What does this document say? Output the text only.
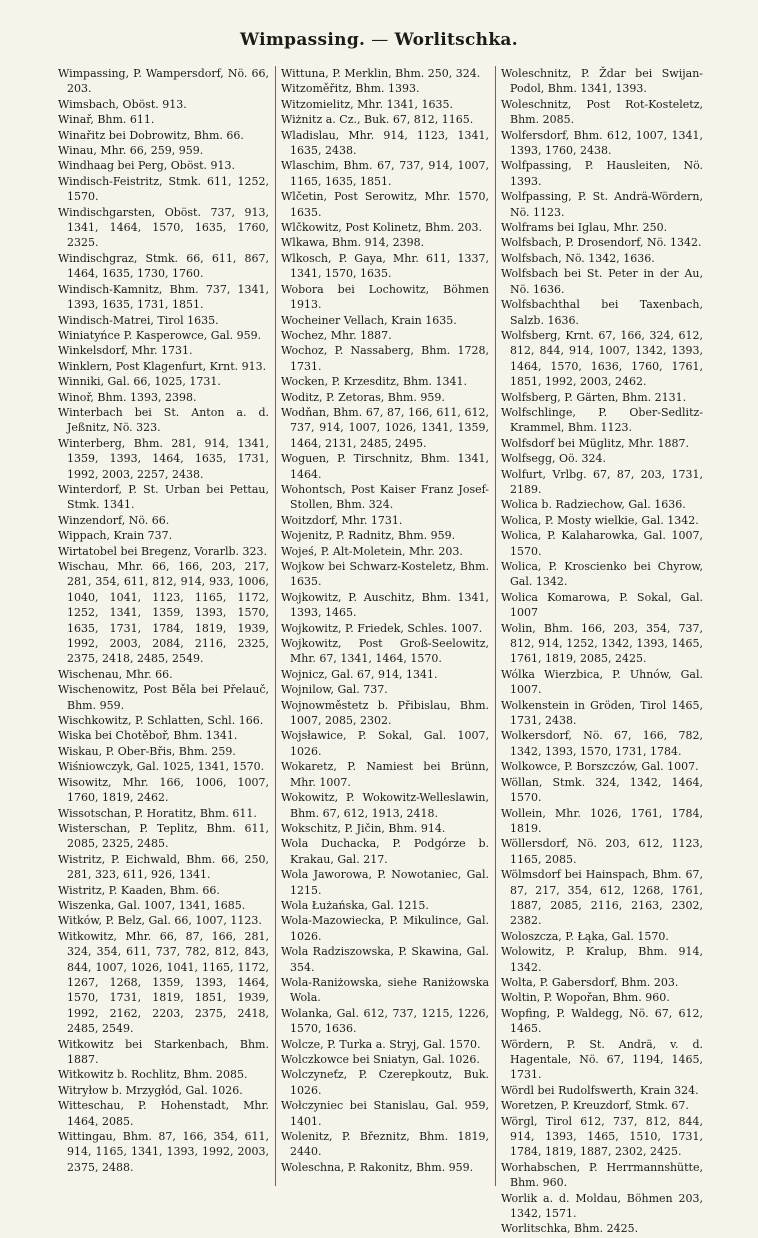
Wimpassing. — Worlitschka.

Wimpassing, P. Wampersdorf, Nö. 66, 203.

Wimsbach, Oböst. 913.

Winař, Bhm. 611.

Winařitz bei Dobrowitz, Bhm. 66.

Winau, Mhr. 66, 259, 959.

Windhaag bei Perg, Oböst. 913.

Windisch-Feistritz, Stmk. 611, 1252, 1570.

Windischgarsten, Oböst. 737, 913, 1341, 1464, 1570, 1635, 1760, 2325.

Windischgraz, Stmk. 66, 611, 867, 1464, 1635, 1730, 1760.

Windisch-Kamnitz, Bhm. 737, 1341, 1393, 1635, 1731, 1851.

Windisch-Matrei, Tirol 1635.

Winiatyńce P. Kasperowce, Gal. 959.

Winkelsdorf, Mhr. 1731.

Winklern, Post Klagenfurt, Krnt. 913.

Winniki, Gal. 66, 1025, 1731.

Winoř, Bhm. 1393, 2398.

Winterbach bei St. Anton a. d. Jeßnitz, Nö. 323.

Winterberg, Bhm. 281, 914, 1341, 1359, 1393, 1464, 1635, 1731, 1992, 2003, 2257, 2438.

Winterdorf, P. St. Urban bei Pettau, Stmk. 1341.

Winzendorf, Nö. 66.

Wippach, Krain 737.

Wirtatobel bei Bregenz, Vorarlb. 323.

Wischau, Mhr. 66, 166, 203, 217, 281, 354, 611, 812, 914, 933, 1006, 1040, 1041, 1123, 1165, 1172, 1252, 1341, 1359, 1393, 1570, 1635, 1731, 1784, 1819, 1939, 1992, 2003, 2084, 2116, 2325, 2375, 2418, 2485, 2549.

Wischenau, Mhr. 66.

Wischenowitz, Post Běla bei Přelauč, Bhm. 959.

Wischkowitz, P. Schlatten, Schl. 166.

Wiska bei Chotěboř, Bhm. 1341.

Wiskau, P. Ober-Břis, Bhm. 259.

Wiśniowczyk, Gal. 1025, 1341, 1570.

Wisowitz, Mhr. 166, 1006, 1007, 1760, 1819, 2462.

Wissotschan, P. Horatitz, Bhm. 611.

Wisterschan, P. Teplitz, Bhm. 611, 2085, 2325, 2485.

Wistritz, P. Eichwald, Bhm. 66, 250, 281, 323, 611, 926, 1341.

Wistritz, P. Kaaden, Bhm. 66.

Wiszenka, Gal. 1007, 1341, 1685.

Witków, P. Belz, Gal. 66, 1007, 1123.

Witkowitz, Mhr. 66, 87, 166, 281, 324, 354, 611, 737, 782, 812, 843, 844, 1007, 1026, 1041, 1165, 1172, 1267, 1268, 1359, 1393, 1464, 1570, 1731, 1819, 1851, 1939, 1992, 2162, 2203, 2375, 2418, 2485, 2549.

Witkowitz bei Starkenbach, Bhm. 1887.

Witkowitz b. Rochlitz, Bhm. 2085.

Witryłow b. Mrzygłód, Gal. 1026.

Witteschau, P. Hohenstadt, Mhr. 1464, 2085.

Wittingau, Bhm. 87, 166, 354, 611, 914, 1165, 1341, 1393, 1992, 2003, 2375, 2488.

Wittuna, P. Merklin, Bhm. 250, 324.

Witzoměřitz, Bhm. 1393.

Witzomielitz, Mhr. 1341, 1635.

Wiżnitz a. Cz., Buk. 67, 812, 1165.

Wladislau, Mhr. 914, 1123, 1341, 1635, 2438.

Wlaschim, Bhm. 67, 737, 914, 1007, 1165, 1635, 1851.

Wlčetin, Post Serowitz, Mhr. 1570, 1635.

Wlčkowitz, Post Kolinetz, Bhm. 203.

Wlkawa, Bhm. 914, 2398.

Wlkosch, P. Gaya, Mhr. 611, 1337, 1341, 1570, 1635.

Wobora bei Lochowitz, Böhmen 1913.

Wocheiner Vellach, Krain 1635.

Wochez, Mhr. 1887.

Wochoz, P. Nassaberg, Bhm. 1728, 1731.

Wocken, P. Krzesditz, Bhm. 1341.

Woditz, P. Zetoras, Bhm. 959.

Wodňan, Bhm. 67, 87, 166, 611, 612, 737, 914, 1007, 1026, 1341, 1359, 1464, 2131, 2485, 2495.

Woguen, P. Tirschnitz, Bhm. 1341, 1464.

Wohontsch, Post Kaiser Franz Josef-Stollen, Bhm. 324.

Woitzdorf, Mhr. 1731.

Wojenitz, P. Radnitz, Bhm. 959.

Wojeś, P. Alt-Moletein, Mhr. 203.

Wojkow bei Schwarz-Kosteletz, Bhm. 1635.

Wojkowitz, P. Auschitz, Bhm. 1341, 1393, 1465.

Wojkowitz, P. Friedek, Schles. 1007.

Wojkowitz, Post Groß-Seelowitz, Mhr. 67, 1341, 1464, 1570.

Wojnicz, Gal. 67, 914, 1341.

Wojnilow, Gal. 737.

Wojnowměstetz b. Přibislau, Bhm. 1007, 2085, 2302.

Wojsławice, P. Sokal, Gal. 1007, 1026.

Wokaretz, P. Namiest bei Brünn, Mhr. 1007.

Wokowitz, P. Wokowitz-Welleslawin, Bhm. 67, 612, 1913, 2418.

Wokschitz, P. Jičin, Bhm. 914.

Wola Duchacka, P. Podgórze b. Krakau, Gal. 217.

Wola Jaworowa, P. Nowotaniec, Gal. 1215.

Wola Łużańska, Gal. 1215.

Wola-Mazowiecka, P. Mikulince, Gal. 1026.

Wola Radziszowska, P. Skawina, Gal. 354.

Wola-Raniżowska, siehe Raniżowska Wola.

Wolanka, Gal. 612, 737, 1215, 1226, 1570, 1636.

Wolcze, P. Turka a. Stryj, Gal. 1570.

Wolczkowce bei Sniatyn, Gal. 1026.

Wolczyneťz, P. Czerepkoutz, Buk. 1026.

Wołczyniec bei Stanislau, Gal. 959, 1401.

Wolenitz, P. Březnitz, Bhm. 1819, 2440.

Woleschna, P. Rakonitz, Bhm. 959.

Woleschnitz, P. Ždar bei Swijan-Podol, Bhm. 1341, 1393.

Woleschnitz, Post Rot-Kosteletz, Bhm. 2085.

Wolfersdorf, Bhm. 612, 1007, 1341, 1393, 1760, 2438.

Wolfpassing, P. Hausleiten, Nö. 1393.

Wolfpassing, P. St. Andrä-Wördern, Nö. 1123.

Wolframs bei Iglau, Mhr. 250.

Wolfsbach, P. Drosendorf, Nö. 1342.

Wolfsbach, Nö. 1342, 1636.

Wolfsbach bei St. Peter in der Au, Nö. 1636.

Wolfsbachthal bei Taxenbach, Salzb. 1636.

Wolfsberg, Krnt. 67, 166, 324, 612, 812, 844, 914, 1007, 1342, 1393, 1464, 1570, 1636, 1760, 1761, 1851, 1992, 2003, 2462.

Wolfsberg, P. Gärten, Bhm. 2131.

Wolfschlinge, P. Ober-Sedlitz-Krammel, Bhm. 1123.

Wolfsdorf bei Müglitz, Mhr. 1887.

Wolfsegg, Oö. 324.

Wolfurt, Vrlbg. 67, 87, 203, 1731, 2189.

Wolica b. Radziechow, Gal. 1636.

Wolica, P. Mosty wielkie, Gal. 1342.

Wolica, P. Kalaharowka, Gal. 1007, 1570.

Wolica, P. Kroscienko bei Chyrow, Gal. 1342.

Wolica Komarowa, P. Sokal, Gal. 1007

Wolin, Bhm. 166, 203, 354, 737, 812, 914, 1252, 1342, 1393, 1465, 1761, 1819, 2085, 2425.

Wólka Wierzbica, P. Uhnów, Gal. 1007.

Wolkenstein in Gröden, Tirol 1465, 1731, 2438.

Wolkersdorf, Nö. 67, 166, 782, 1342, 1393, 1570, 1731, 1784.

Wolkowce, P. Borszczów, Gal. 1007.

Wöllan, Stmk. 324, 1342, 1464, 1570.

Wollein, Mhr. 1026, 1761, 1784, 1819.

Wöllersdorf, Nö. 203, 612, 1123, 1165, 2085.

Wölmsdorf bei Hainspach, Bhm. 67, 87, 217, 354, 612, 1268, 1761, 1887, 2085, 2116, 2163, 2302, 2382.

Woloszcza, P. Łąka, Gal. 1570.

Wolowitz, P. Kralup, Bhm. 914, 1342.

Wolta, P. Gabersdorf, Bhm. 203.

Woltin, P. Wopořan, Bhm. 960.

Wopfing, P. Waldegg, Nö. 67, 612, 1465.

Wördern, P. St. Andrä, v. d. Hagentale, Nö. 67, 1194, 1465, 1731.

Wördl bei Rudolfswerth, Krain 324.

Woretzen, P. Kreuzdorf, Stmk. 67.

Wörgl, Tirol 612, 737, 812, 844, 914, 1393, 1465, 1510, 1731, 1784, 1819, 1887, 2302, 2425.

Worhabschen, P. Herrmannshütte, Bhm. 960.

Worlik a. d. Moldau, Böhmen 203, 1342, 1571.

Worlitschka, Bhm. 2425.
